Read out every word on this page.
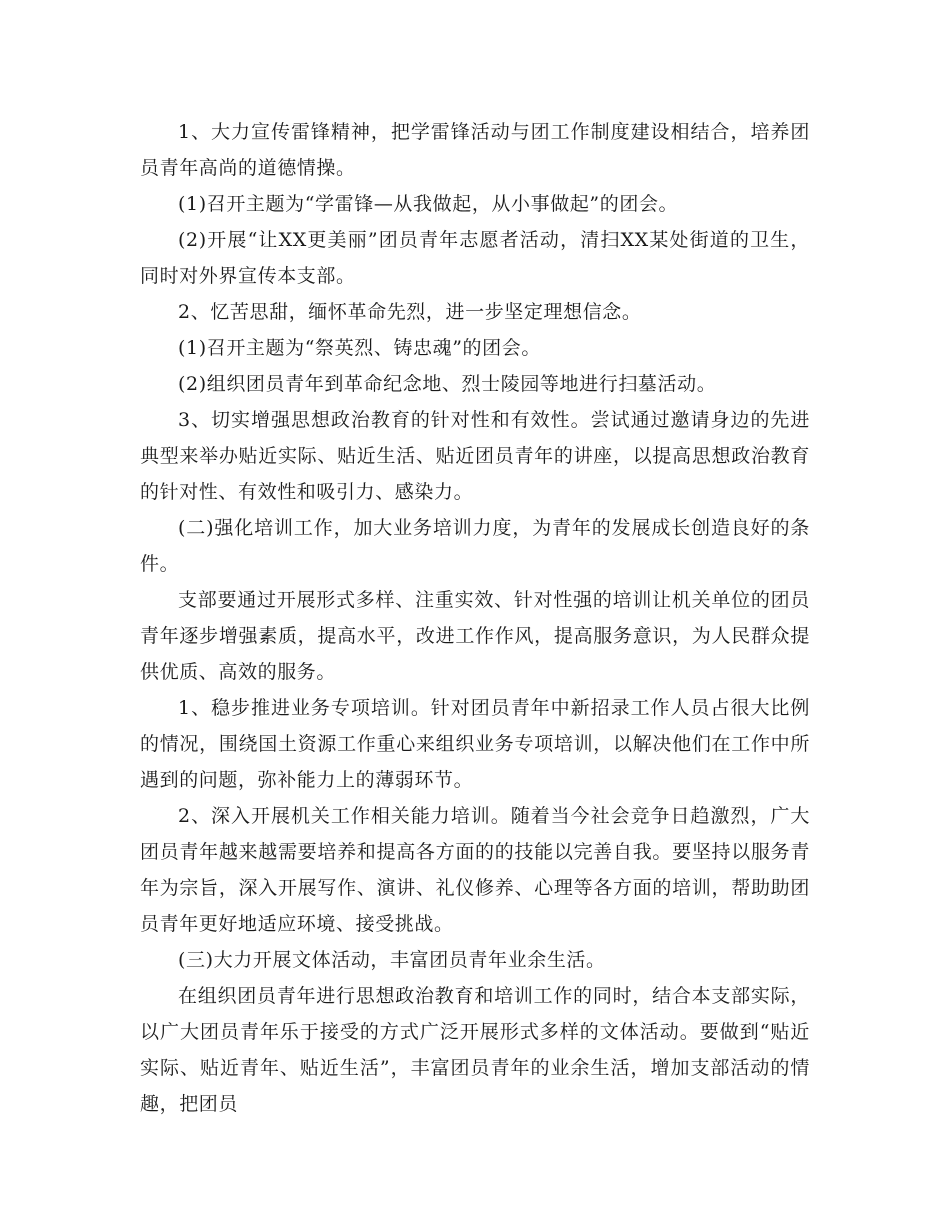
1、大力宣传雷锋精神，把学雷锋活动与团工作制度建设相结合，培养团员青年高尚的道德情操。

(1)召开主题为“学雷锋—从我做起，从小事做起”的团会。

(2)开展“让XX更美丽”团员青年志愿者活动，清扫XX某处街道的卫生，同时对外界宣传本支部。

2、忆苦思甜，缅怀革命先烈，进一步坚定理想信念。

(1)召开主题为“祭英烈、铸忠魂”的团会。

(2)组织团员青年到革命纪念地、烈士陵园等地进行扫墓活动。

3、切实增强思想政治教育的针对性和有效性。尝试通过邀请身边的先进典型来举办贴近实际、贴近生活、贴近团员青年的讲座，以提高思想政治教育的针对性、有效性和吸引力、感染力。

(二)强化培训工作，加大业务培训力度，为青年的发展成长创造良好的条件。

支部要通过开展形式多样、注重实效、针对性强的培训让机关单位的团员青年逐步增强素质，提高水平，改进工作作风，提高服务意识，为人民群众提供优质、高效的服务。

1、稳步推进业务专项培训。针对团员青年中新招录工作人员占很大比例的情况，围绕国土资源工作重心来组织业务专项培训，以解决他们在工作中所遇到的问题，弥补能力上的薄弱环节。

2、深入开展机关工作相关能力培训。随着当今社会竞争日趋激烈，广大团员青年越来越需要培养和提高各方面的的技能以完善自我。要坚持以服务青年为宗旨，深入开展写作、演讲、礼仪修养、心理等各方面的培训，帮助助团员青年更好地适应环境、接受挑战。

(三)大力开展文体活动，丰富团员青年业余生活。

在组织团员青年进行思想政治教育和培训工作的同时，结合本支部实际，以广大团员青年乐于接受的方式广泛开展形式多样的文体活动。要做到“贴近实际、贴近青年、贴近生活”，丰富团员青年的业余生活，增加支部活动的情趣，把团员
